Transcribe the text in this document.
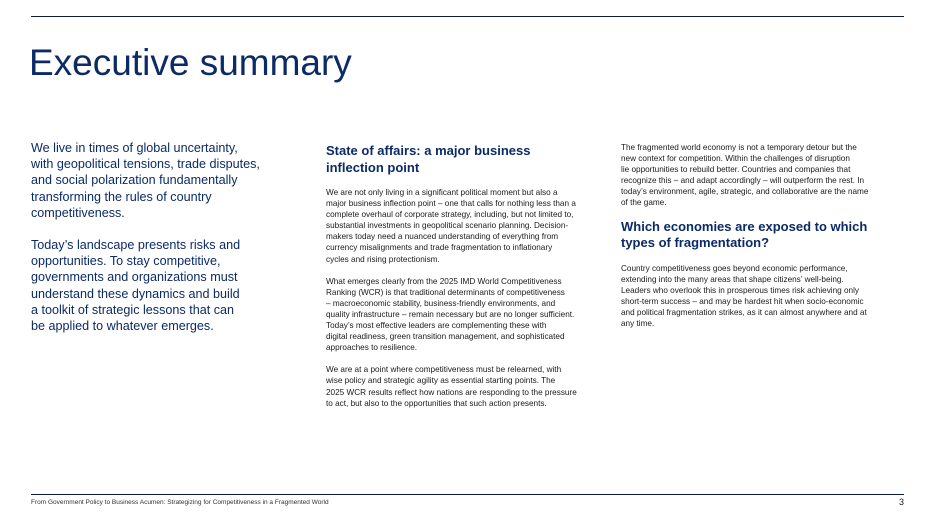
Executive summary

We live in times of global uncertainty,
with geopolitical tensions, trade disputes,
and social polarization fundamentally
transforming the rules of country
competitiveness.

Today’s landscape presents risks and
opportunities. To stay competitive,
governments and organizations must
understand these dynamics and build
a toolkit of strategic lessons that can
be applied to whatever emerges.

State of affairs: a major business
inflection point

We are not only living in a significant political moment but also a
major business inflection point – one that calls for nothing less than a
complete overhaul of corporate strategy, including, but not limited to,
substantial investments in geopolitical scenario planning. Decision-
makers today need a nuanced understanding of everything from
currency misalignments and trade fragmentation to inflationary
cycles and rising protectionism.

What emerges clearly from the 2025 IMD World Competitiveness
Ranking (WCR) is that traditional determinants of competitiveness
– macroeconomic stability, business-friendly environments, and
quality infrastructure – remain necessary but are no longer sufficient.
Today’s most effective leaders are complementing these with
digital readiness, green transition management, and sophisticated
approaches to resilience.

We are at a point where competitiveness must be relearned, with
wise policy and strategic agility as essential starting points. The
2025 WCR results reflect how nations are responding to the pressure
to act, but also to the opportunities that such action presents.

The fragmented world economy is not a temporary detour but the
new context for competition. Within the challenges of disruption
lie opportunities to rebuild better. Countries and companies that
recognize this – and adapt accordingly – will outperform the rest. In
today’s environment, agile, strategic, and collaborative are the name
of the game.

Which economies are exposed to which
types of fragmentation?

Country competitiveness goes beyond economic performance,
extending into the many areas that shape citizens’ well-being.
Leaders who overlook this in prosperous times risk achieving only
short-term success – and may be hardest hit when socio-economic
and political fragmentation strikes, as it can almost anywhere and at
any time.

From Government Policy to Business Acumen: Strategizing for Competitiveness in a Fragmented World	3
